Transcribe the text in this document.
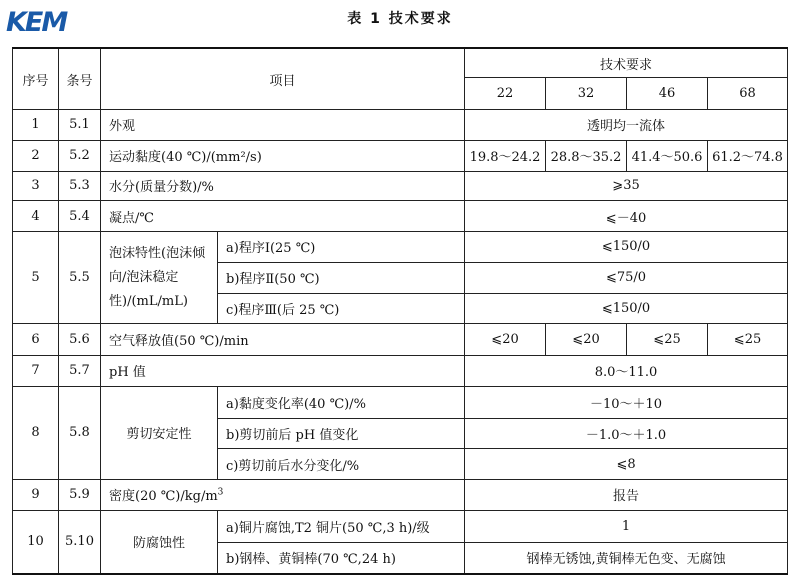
KEM	表 1 技术要求
序号	条号	项目		技术要求			
				22	32	46	68
1	5.1	外观		透明均一流体			
2	5.2	运动黏度(40 ℃)/(mm²/s)		19.8～24.2	28.8～35.2	41.4～50.6	61.2～74.8
3	5.3	水分(质量分数)/%		⩾35			
4	5.4	凝点/℃		⩽－40			
5	5.5	泡沫特性(泡沫倾向/泡沫稳定性)/(mL/mL)	a)程序Ⅰ(25 ℃)	⩽150/0			
			b)程序Ⅱ(50 ℃)	⩽75/0			
			c)程序Ⅲ(后 25 ℃)	⩽150/0			
6	5.6	空气释放值(50 ℃)/min		⩽20	⩽20	⩽25	⩽25
7	5.7	pH 值		8.0～11.0			
8	5.8	剪切安定性	a)黏度变化率(40 ℃)/%	－10～＋10			
			b)剪切前后 pH 值变化	－1.0～＋1.0			
			c)剪切前后水分变化/%	⩽8			
9	5.9	密度(20 $℃)/kg/m^3$		报告			
10	5.10	防腐蚀性	a)铜片腐蚀,T2 铜片(50 ℃,3 h)/级	1			
			b)钢棒、黄铜棒(70 ℃,24 h)	钢棒无锈蚀,黄铜棒无色变、无腐蚀			
